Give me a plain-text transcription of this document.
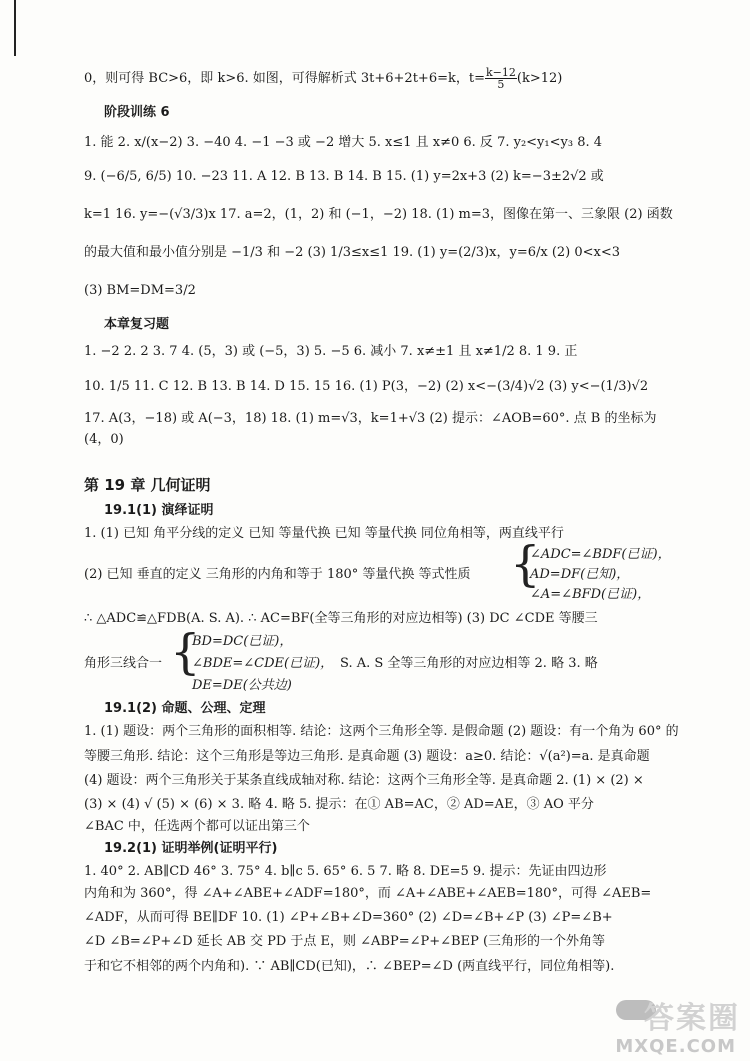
0，则可得 BC>6，即 k>6. 如图，可得解析式 3t+6+2t+6=k，$t= \frac{k-12}{5} (k>12)$
阶段训练 6
1. 能 2. x/(x−2) 3. −40 4. −1 −3 或 −2 增大 5. x≤1 且 x≠0 6. 反 7. y₂<y₁<y₃ 8. 4
9. (−6/5, 6/5) 10. −23 11. A 12. B 13. B 14. B 15. (1) y=2x+3 (2) k=−3±2√2 或
k=1 16. y=−(√3/3)x 17. a=2，(1，2) 和 (−1，−2) 18. (1) m=3，图像在第一、三象限 (2) 函数
的最大值和最小值分别是 −1/3 和 −2 (3) 1/3≤x≤1 19. (1) y=(2/3)x，y=6/x (2) 0<x<3
(3) BM=DM=3/2
本章复习题
1. −2 2. 2 3. 7 4. (5，3) 或 (−5，3) 5. −5 6. 减小 7. x≠±1 且 x≠1/2 8. 1 9. 正
10. 1/5 11. C 12. B 13. B 14. D 15. 15 16. (1) P(3，−2) (2) x<−(3/4)√2 (3) y<−(1/3)√2
17. A(3，−18) 或 A(−3，18) 18. (1) m=√3，k=1+√3 (2) 提示：∠AOB=60°. 点 B 的坐标为
(4，0)
第 19 章 几何证明
19.1(1) 演绎证明
1. (1) 已知 角平分线的定义 已知 等量代换 已知 等量代换 同位角相等，两直线平行
(2) 已知 垂直的定义 三角形的内角和等于 180° 等量代换 等式性质 {
∠ADC=∠BDF(已证)，
AD=DF(已知)，
∠A=∠BFD(已证)，
∴ △ADC≌△FDB(A. S. A). ∴ AC=BF(全等三角形的对应边相等) (3) DC ∠CDE 等腰三
角形三线合一 {
BD=DC(已证)，
∠BDE=∠CDE(已证)，
DE=DE(公共边)
S. A. S 全等三角形的对应边相等 2. 略 3. 略
19.1(2) 命题、公理、定理
1. (1) 题设：两个三角形的面积相等. 结论：这两个三角形全等. 是假命题 (2) 题设：有一个角为 60° 的
等腰三角形. 结论：这个三角形是等边三角形. 是真命题 (3) 题设：a≥0. 结论：√(a²)=a. 是真命题
(4) 题设：两个三角形关于某条直线成轴对称. 结论：这两个三角形全等. 是真命题 2. (1) × (2) ×
(3) × (4) √ (5) × (6) × 3. 略 4. 略 5. 提示：在① AB=AC，② AD=AE，③ AO 平分
∠BAC 中，任选两个都可以证出第三个
19.2(1) 证明举例(证明平行)
1. 40° 2. AB∥CD 46° 3. 75° 4. b∥c 5. 65° 6. 5 7. 略 8. DE=5 9. 提示：先证由四边形
内角和为 360°，得 ∠A+∠ABE+∠ADF=180°，而 ∠A+∠ABE+∠AEB=180°，可得 ∠AEB=
∠ADF，从而可得 BE∥DF 10. (1) ∠P+∠B+∠D=360° (2) ∠D=∠B+∠P (3) ∠P=∠B+
∠D ∠B=∠P+∠D 延长 AB 交 PD 于点 E，则 ∠ABP=∠P+∠BEP (三角形的一个外角等
于和它不相邻的两个内角和). ∵ AB∥CD(已知)，∴ ∠BEP=∠D (两直线平行，同位角相等).
答案圈
MXQE.COM
